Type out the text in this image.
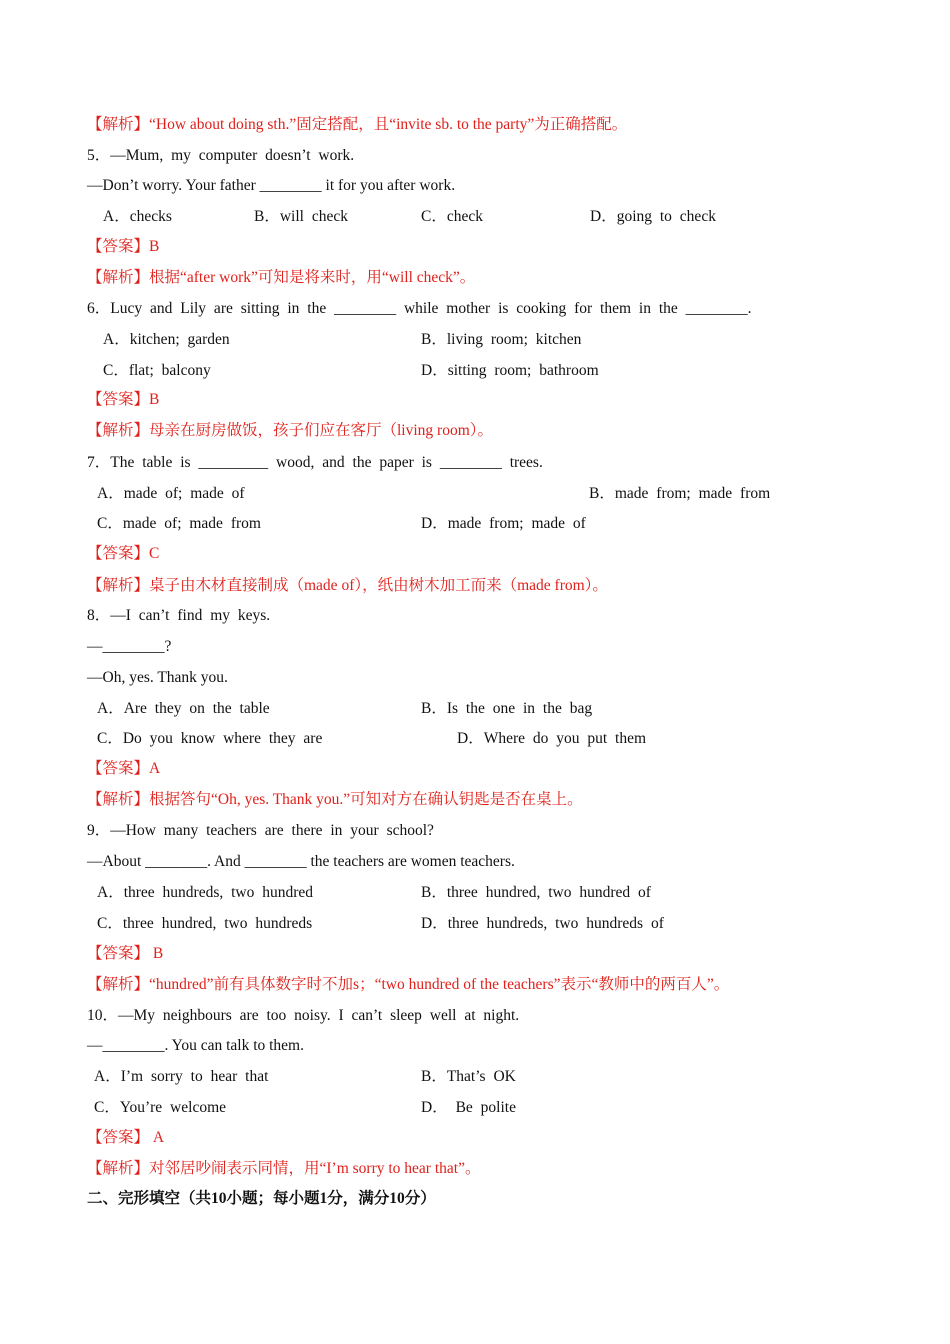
【解析】“How about doing sth.”固定搭配，且“invite sb. to the party”为正确搭配。
5．—Mum, my computer doesn’t work.
—Don’t worry. Your father ________ it for you after work.
A．checks	B．will check	C．check	D．going to check
【答案】B
【解析】根据“after work”可知是将来时，用“will check”。
6．Lucy and Lily are sitting in the ________ while mother is cooking for them in the ________.
A．kitchen; garden	B．living room; kitchen
C．flat; balcony	D．sitting room; bathroom
【答案】B
【解析】母亲在厨房做饭，孩子们应在客厅（living room）。
7．The table is _________ wood, and the paper is ________ trees.
A．made of; made of	B．made from; made from
C．made of; made from	D．made from; made of
【答案】C
【解析】桌子由木材直接制成（made of），纸由树木加工而来（made from）。
8．—I can’t find my keys.
—________?
—Oh, yes. Thank you.
A．Are they on the table	B．Is the one in the bag
C．Do you know where they are	D．Where do you put them
【答案】A
【解析】根据答句“Oh, yes. Thank you.”可知对方在确认钥匙是否在桌上。
9．—How many teachers are there in your school?
—About ________. And ________ the teachers are women teachers.
A．three hundreds, two hundred	B．three hundred, two hundred of
C．three hundred, two hundreds	D．three hundreds, two hundreds of
【答案】 B
【解析】“hundred”前有具体数字时不加s；“two hundred of the teachers”表示“教师中的两百人”。
10．—My neighbours are too noisy. I can’t sleep well at night.
—________. You can talk to them.
A．I’m sorry to hear that	B．That’s OK
C．You’re welcome	D． Be polite
【答案】 A
【解析】对邻居吵闹表示同情，用“I’m sorry to hear that”。
二、完形填空（共10小题；每小题1分，满分10分）
